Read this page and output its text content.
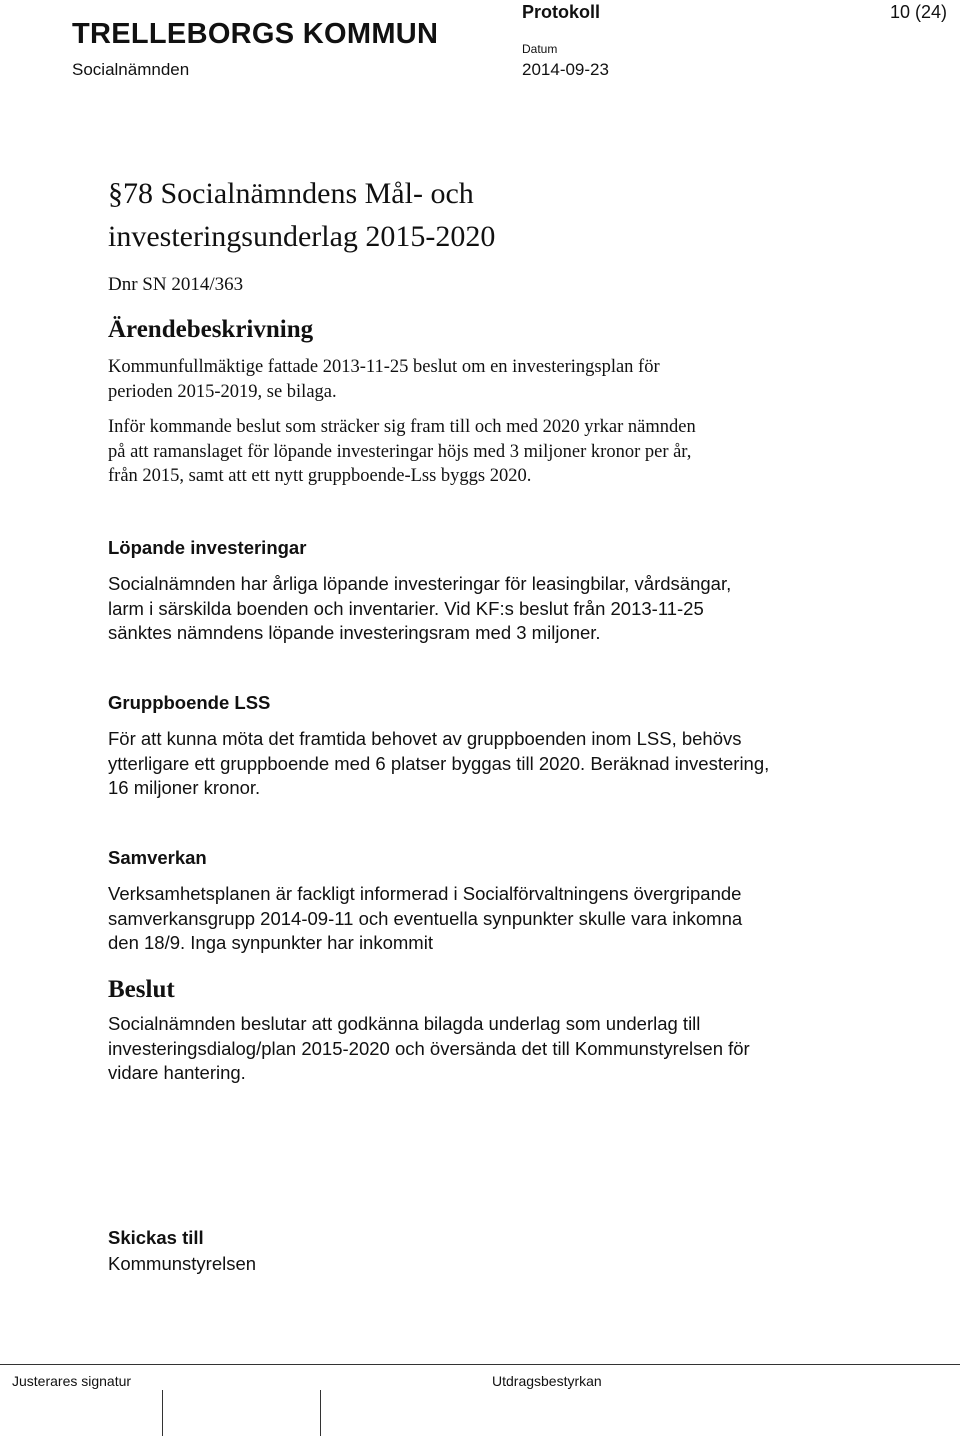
TRELLEBORGS KOMMUN
Socialnämnden
Protokoll
Datum
2014-09-23
10 (24)
§78 Socialnämndens Mål- och
investeringsunderlag 2015-2020
Dnr SN 2014/363
Ärendebeskrivning
Kommunfullmäktige fattade 2013-11-25 beslut om en investeringsplan för
perioden 2015-2019, se bilaga.
Inför kommande beslut som sträcker sig fram till och med 2020 yrkar nämnden
på att ramanslaget för löpande investeringar höjs med 3 miljoner kronor per år,
från 2015, samt att ett nytt gruppboende-Lss byggs 2020.
Löpande investeringar
Socialnämnden har årliga löpande investeringar för leasingbilar, vårdsängar,
larm i särskilda boenden och inventarier. Vid KF:s beslut från 2013-11-25
sänktes nämndens löpande investeringsram med 3 miljoner.
Gruppboende LSS
För att kunna möta det framtida behovet av gruppboenden inom LSS, behövs
ytterligare ett gruppboende med 6 platser byggas till 2020. Beräknad investering,
16 miljoner kronor.
Samverkan
Verksamhetsplanen är fackligt informerad i Socialförvaltningens övergripande
samverkansgrupp 2014-09-11 och eventuella synpunkter skulle vara inkomna
den 18/9. Inga synpunkter har inkommit
Beslut
Socialnämnden beslutar att godkänna bilagda underlag som underlag till
investeringsdialog/plan 2015-2020 och översända det till Kommunstyrelsen för
vidare hantering.
Skickas till
Kommunstyrelsen
Justerares signatur	Utdragsbestyrkan
